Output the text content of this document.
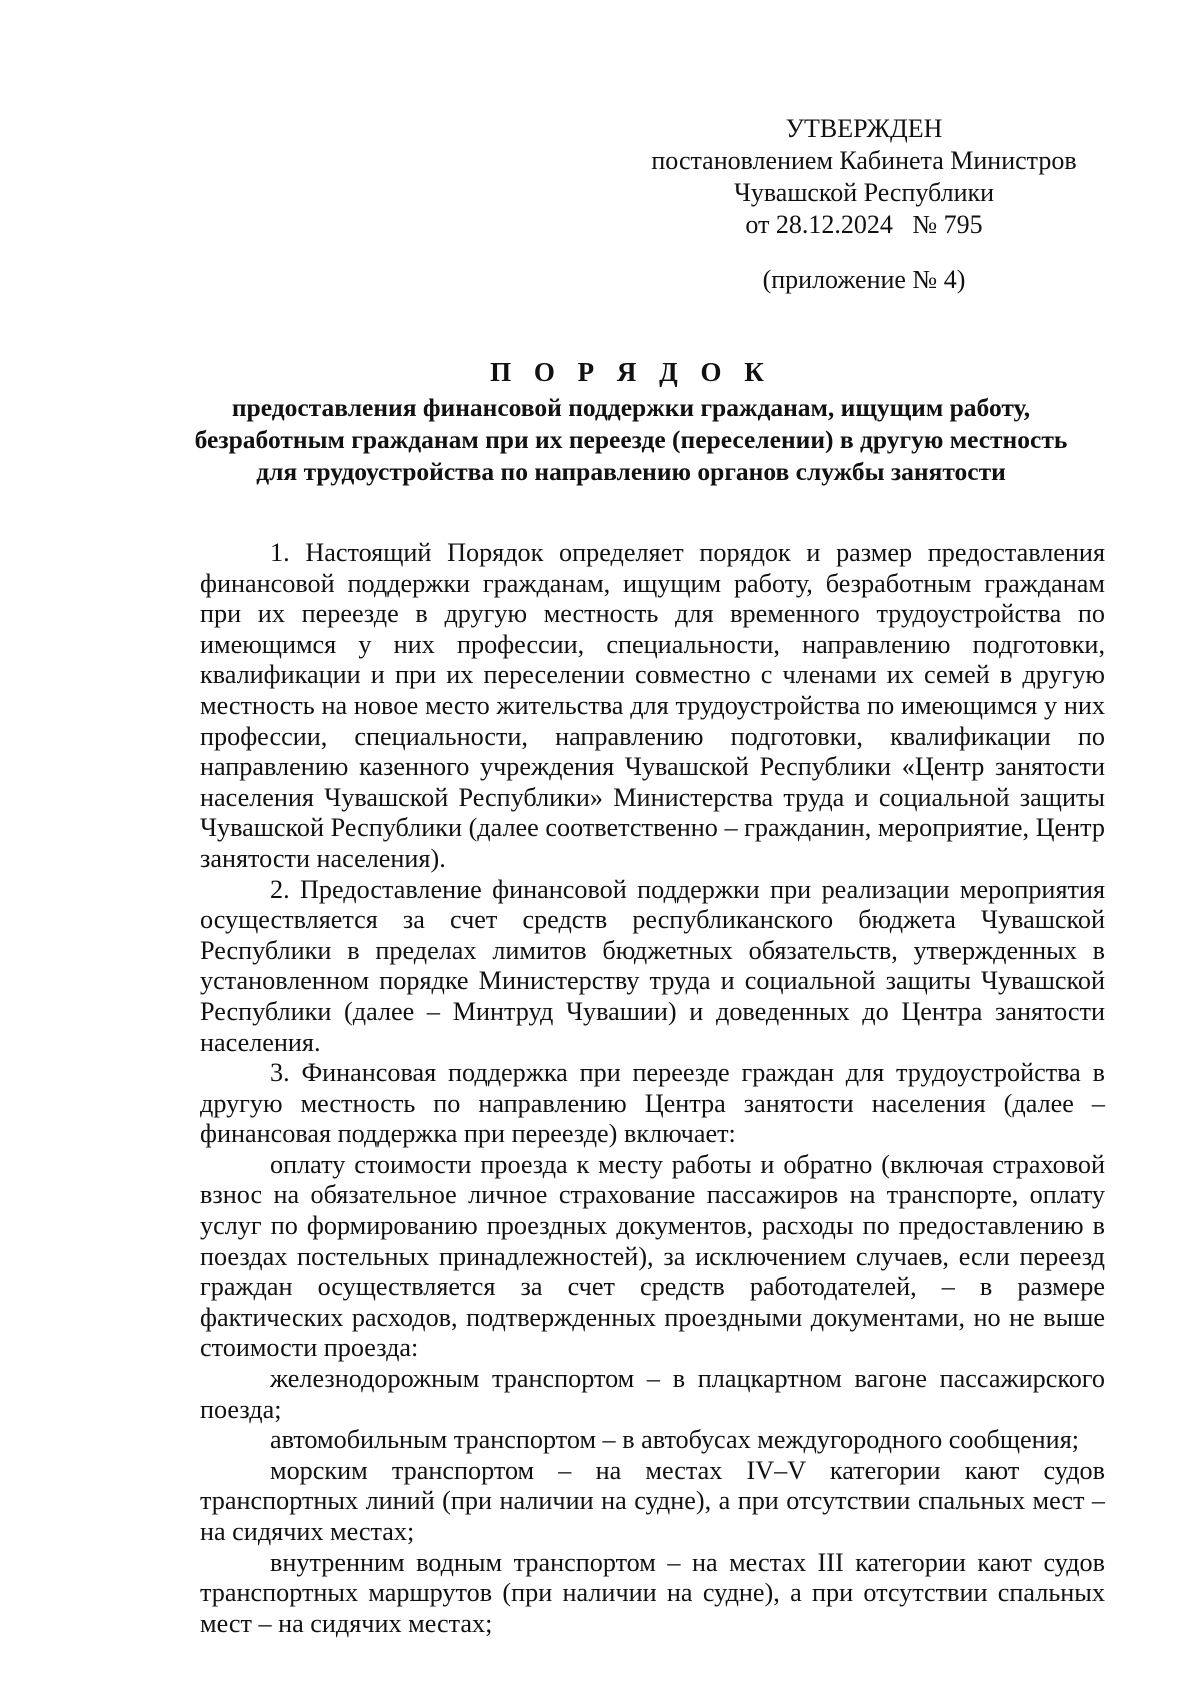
УТВЕРЖДЕН
постановлением Кабинета Министров
Чувашской Республики
от 28.12.2024   № 795
(приложение № 4)
П О Р Я Д О К
предоставления финансовой поддержки гражданам, ищущим работу,
безработным гражданам при их переезде (переселении) в другую местность
для трудоустройства по направлению органов службы занятости

1. Настоящий Порядок определяет порядок и размер предоставления финансовой поддержки гражданам, ищущим работу, безработным гражданам при их переезде в другую местность для временного трудоустройства по имеющимся у них профессии, специальности, направлению подготовки, квалификации и при их переселении совместно с членами их семей в другую местность на новое место жительства для трудоустройства по имеющимся у них профессии, специальности, направлению подготовки, квалификации по направлению казенного учреждения Чувашской Республики «Центр занятости населения Чувашской Республики» Министерства труда и социальной защиты Чувашской Республики (далее соответственно – гражданин, мероприятие, Центр занятости населения).

2. Предоставление финансовой поддержки при реализации мероприятия осуществляется за счет средств республиканского бюджета Чувашской Республики в пределах лимитов бюджетных обязательств, утвержденных в установленном порядке Министерству труда и социальной защиты Чувашской Республики (далее – Минтруд Чувашии) и доведенных до Центра занятости населения.

3. Финансовая поддержка при переезде граждан для трудоустройства в другую местность по направлению Центра занятости населения (далее – финансовая поддержка при переезде) включает:

оплату стоимости проезда к месту работы и обратно (включая страховой взнос на обязательное личное страхование пассажиров на транспорте, оплату услуг по формированию проездных документов, расходы по предоставлению в поездах постельных принадлежностей), за исключением случаев, если переезд граждан осуществляется за счет средств работодателей, – в размере фактических расходов, подтвержденных проездными документами, но не выше стоимости проезда:

железнодорожным транспортом – в плацкартном вагоне пассажирского поезда;

автомобильным транспортом – в автобусах междугородного сообщения;

морским транспортом – на местах IV–V категории кают судов транспортных линий (при наличии на судне), а при отсутствии спальных мест – на сидячих местах;

внутренним водным транспортом – на местах III категории кают судов транспортных маршрутов (при наличии на судне), а при отсутствии спальных мест – на сидячих местах;
